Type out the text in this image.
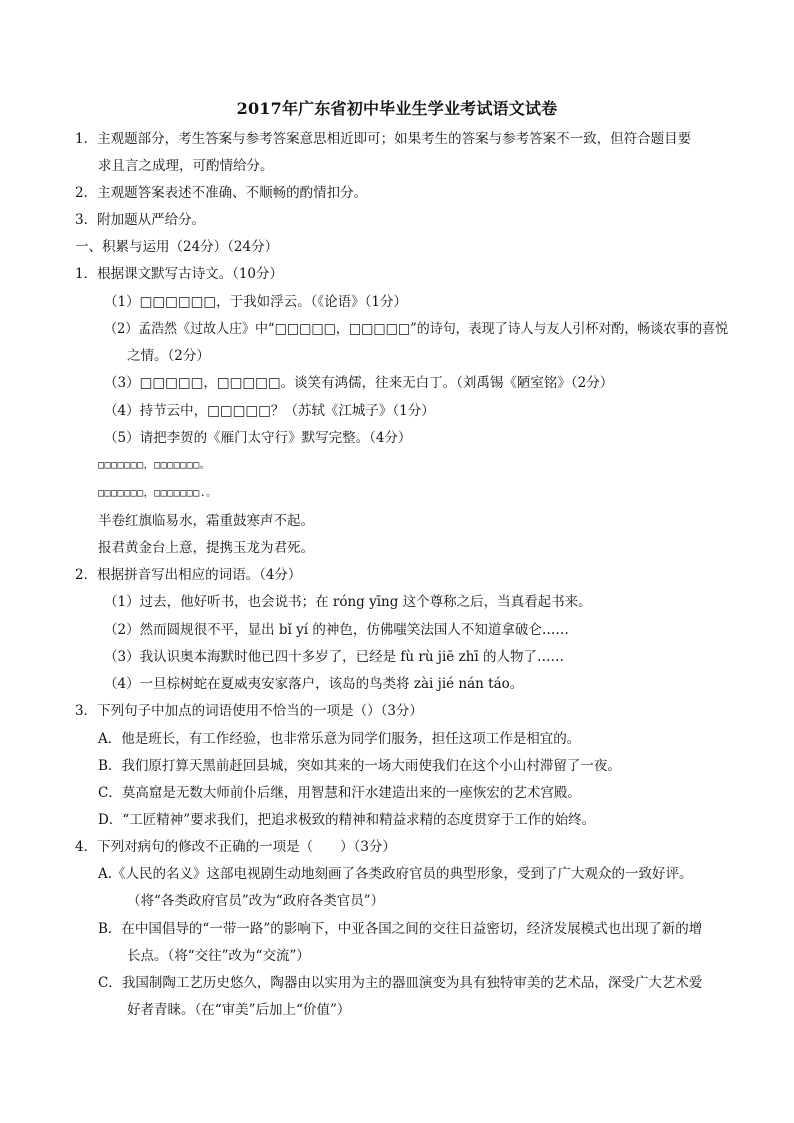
2017年广东省初中毕业生学业考试语文试卷
1．主观题部分，考生答案与参考答案意思相近即可；如果考生的答案与参考答案不一致，但符合题目要
求且言之成理，可酌情给分。
2．主观题答案表述不准确、不顺畅的酌情扣分。
3．附加题从严给分。
一、积累与运用（24分）（24分）
1．根据课文默写古诗文。（10分）
（1）□□□□□□，于我如浮云。（《论语》（1分）
（2）孟浩然《过故人庄》中“□□□□□，□□□□□”的诗句，表现了诗人与友人引杯对酌，畅谈农事的喜悦
之情。（2分）
（3）□□□□□，□□□□□。谈笑有鸿儒，往来无白丁。（刘禹锡《陋室铭》（2分）
（4）持节云中，□□□□□？（苏轼《江城子》（1分）
（5）请把李贺的《雁门太守行》默写完整。（4分）
□□□□□□□，□□□□□□□。
□□□□□□□，□□□□□□□.。
半卷红旗临易水，霜重鼓寒声不起。
报君黄金台上意，提携玉龙为君死。
2．根据拼音写出相应的词语。（4分）
（1）过去，他好听书，也会说书；在 róng yīng 这个尊称之后，当真看起书来。
（2）然而圆规很不平，显出 bǐ yí 的神色，仿佛嗤笑法国人不知道拿破仑……
（3）我认识奥本海默时他已四十多岁了，已经是 fù rù jiē zhī 的人物了……
（4）一旦棕树蛇在夏威夷安家落户，该岛的鸟类将 zài jié nán táo。
3．下列句子中加点的词语使用不恰当的一项是（）（3分）
A．他是班长，有工作经验，也非常乐意为同学们服务，担任这项工作是相宜的。
B．我们原打算天黑前赶回县城，突如其来的一场大雨使我们在这个小山村滞留了一夜。
C．莫高窟是无数大师前仆后继，用智慧和汗水建造出来的一座恢宏的艺术宫殿。
D．“工匠精神”要求我们，把追求极致的精神和精益求精的态度贯穿于工作的始终。
4．下列对病句的修改不正确的一项是（　　）（3分）
A.《人民的名义》这部电视剧生动地刻画了各类政府官员的典型形象，受到了广大观众的一致好评。
（将“各类政府官员”改为“政府各类官员”）
B．在中国倡导的“一带一路”的影响下，中亚各国之间的交往日益密切，经济发展模式也出现了新的增
长点。（将“交往”改为“交流”）
C．我国制陶工艺历史悠久，陶器由以实用为主的器皿演变为具有独特审美的艺术品，深受广大艺术爱
好者青睐。（在“审美”后加上“价值”）
